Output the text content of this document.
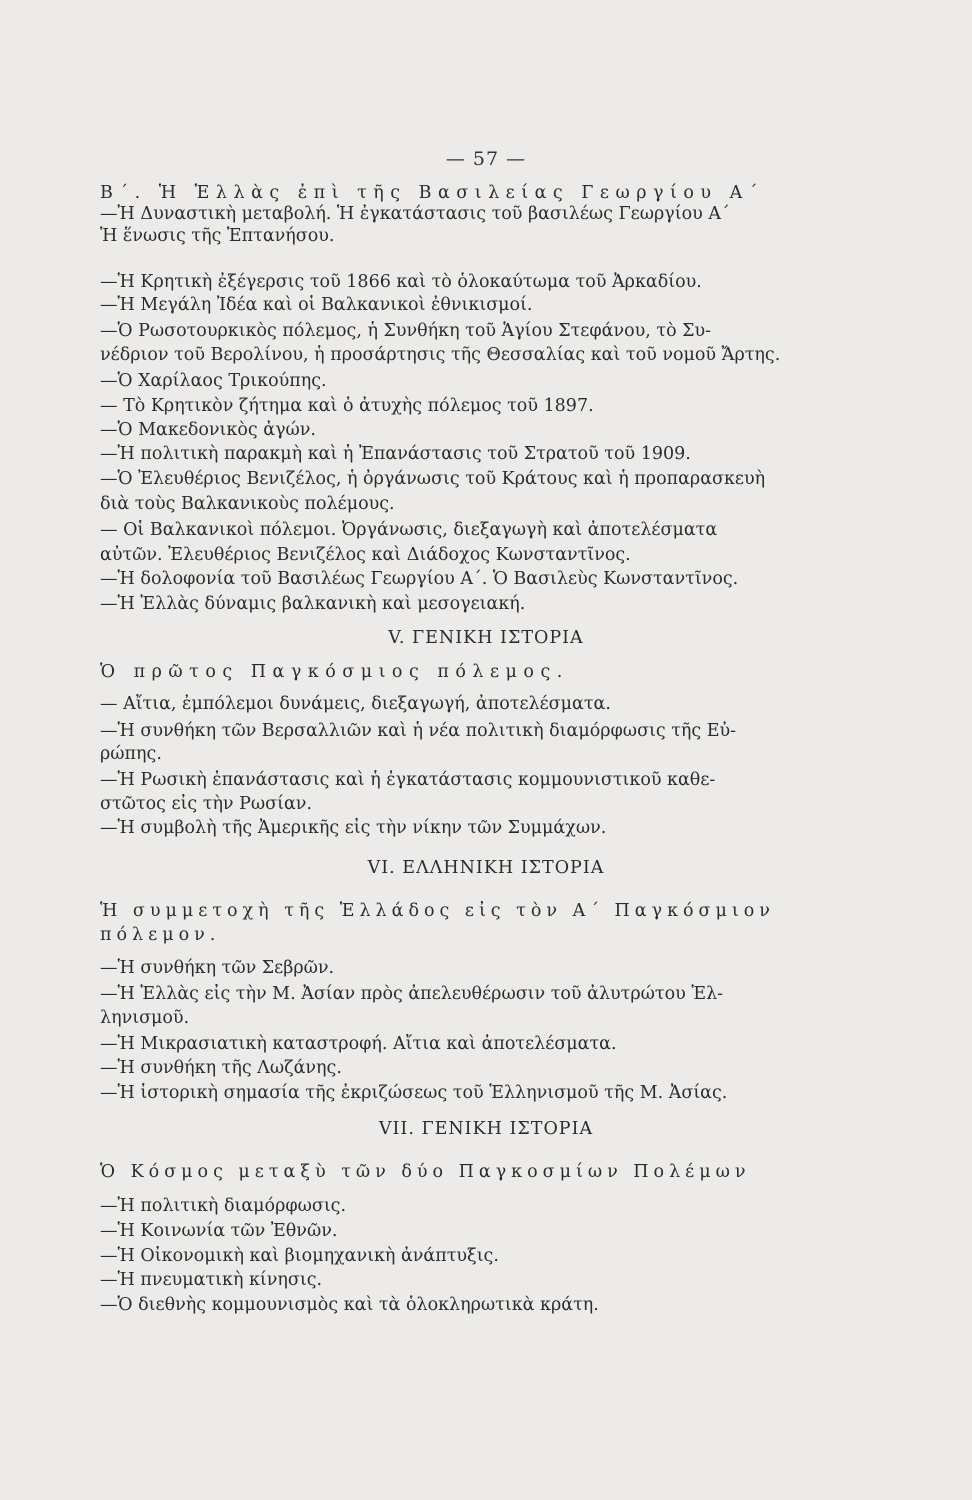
— 57 —
Β΄. Ἡ Ἑλλὰς ἐπὶ τῆς Βασιλείας Γεωργίου Α΄
—Ἡ Δυναστικὴ μεταβολή. Ἡ ἐγκατάστασις τοῦ βασιλέως Γεωργίου Α΄
Ἡ ἕνωσις τῆς Ἑπτανήσου.
—Ἡ Κρητικὴ ἐξέγερσις τοῦ 1866 καὶ τὸ ὁλοκαύτωμα τοῦ Ἀρκαδίου.
—Ἡ Μεγάλη Ἰδέα καὶ οἱ Βαλκανικοὶ ἐθνικισμοί.
—Ὁ Ρωσοτουρκικὸς πόλεμος, ἡ Συνθήκη τοῦ Ἁγίου Στεφάνου, τὸ Συ-
νέδριον τοῦ Βερολίνου, ἡ προσάρτησις τῆς Θεσσαλίας καὶ τοῦ νομοῦ Ἄρτης.
—Ὁ Χαρίλαος Τρικούπης.
— Τὸ Κρητικὸν ζήτημα καὶ ὁ ἀτυχὴς πόλεμος τοῦ 1897.
—Ὁ Μακεδονικὸς ἀγών.
—Ἡ πολιτικὴ παρακμὴ καὶ ἡ Ἐπανάστασις τοῦ Στρατοῦ τοῦ 1909.
—Ὁ Ἐλευθέριος Βενιζέλος, ἡ ὀργάνωσις τοῦ Κράτους καὶ ἡ προπαρασκευὴ
διὰ τοὺς Βαλκανικοὺς πολέμους.
— Οἱ Βαλκανικοὶ πόλεμοι. Ὀργάνωσις, διεξαγωγὴ καὶ ἀποτελέσματα
αὐτῶν. Ἐλευθέριος Βενιζέλος καὶ Διάδοχος Κωνσταντῖνος.
—Ἡ δολοφονία τοῦ Βασιλέως Γεωργίου Α΄. Ὁ Βασιλεὺς Κωνσταντῖνος.
—Ἡ Ἑλλὰς δύναμις βαλκανικὴ καὶ μεσογειακή.
V. ΓΕΝΙΚΗ ΙΣΤΟΡΙΑ
Ὁ πρῶτος Παγκόσμιος πόλεμος.
— Αἴτια, ἐμπόλεμοι δυνάμεις, διεξαγωγή, ἀποτελέσματα.
—Ἡ συνθήκη τῶν Βερσαλλιῶν καὶ ἡ νέα πολιτικὴ διαμόρφωσις τῆς Εὐ-
ρώπης.
—Ἡ Ρωσικὴ ἐπανάστασις καὶ ἡ ἐγκατάστασις κομμουνιστικοῦ καθε-
στῶτος εἰς τὴν Ρωσίαν.
—Ἡ συμβολὴ τῆς Ἀμερικῆς εἰς τὴν νίκην τῶν Συμμάχων.
VI. ΕΛΛΗΝΙΚΗ ΙΣΤΟΡΙΑ
Ἡ συμμετοχὴ τῆς Ἑλλάδος εἰς τὸν Α΄ Παγκόσμιον
πόλεμον.
—Ἡ συνθήκη τῶν Σεβρῶν.
—Ἡ Ἑλλὰς εἰς τὴν Μ. Ἀσίαν πρὸς ἀπελευθέρωσιν τοῦ ἀλυτρώτου Ἑλ-
ληνισμοῦ.
—Ἡ Μικρασιατικὴ καταστροφή. Αἴτια καὶ ἀποτελέσματα.
—Ἡ συνθήκη τῆς Λωζάνης.
—Ἡ ἱστορικὴ σημασία τῆς ἐκριζώσεως τοῦ Ἑλληνισμοῦ τῆς Μ. Ἀσίας.
VII. ΓΕΝΙΚΗ ΙΣΤΟΡΙΑ
Ὁ Κόσμος μεταξὺ τῶν δύο Παγκοσμίων Πολέμων
—Ἡ πολιτικὴ διαμόρφωσις.
—Ἡ Κοινωνία τῶν Ἐθνῶν.
—Ἡ Οἰκονομικὴ καὶ βιομηχανικὴ ἀνάπτυξις.
—Ἡ πνευματικὴ κίνησις.
—Ὁ διεθνὴς κομμουνισμὸς καὶ τὰ ὁλοκληρωτικὰ κράτη.
